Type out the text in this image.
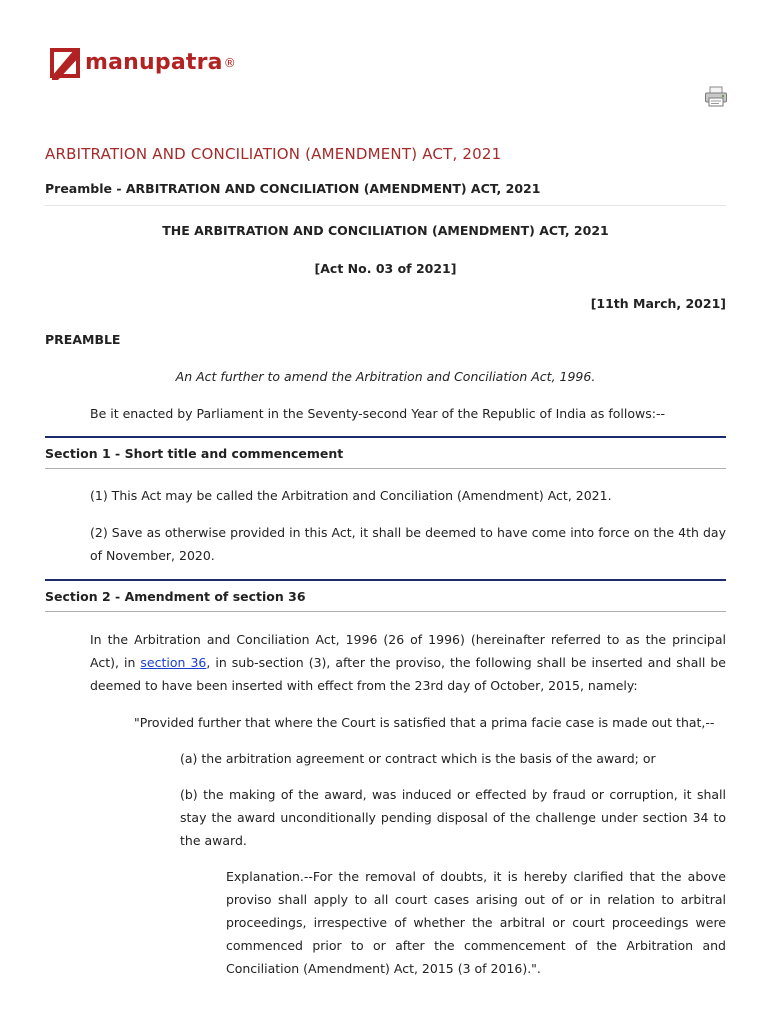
manupatra ®
ARBITRATION AND CONCILIATION (AMENDMENT) ACT, 2021
Preamble - ARBITRATION AND CONCILIATION (AMENDMENT) ACT, 2021
THE ARBITRATION AND CONCILIATION (AMENDMENT) ACT, 2021
[Act No. 03 of 2021]
[11th March, 2021]
PREAMBLE
An Act further to amend the Arbitration and Conciliation Act, 1996.

Be it enacted by Parliament in the Seventy-second Year of the Republic of India as follows:--

Section 1 - Short title and commencement

(1) This Act may be called the Arbitration and Conciliation (Amendment) Act, 2021.

(2) Save as otherwise provided in this Act, it shall be deemed to have come into force on the 4th day of November, 2020.

Section 2 - Amendment of section 36

In the Arbitration and Conciliation Act, 1996 (26 of 1996) (hereinafter referred to as the principal Act), in section 36, in sub-section (3), after the proviso, the following shall be inserted and shall be deemed to have been inserted with effect from the 23rd day of October, 2015, namely:

"Provided further that where the Court is satisfied that a prima facie case is made out that,--

(a) the arbitration agreement or contract which is the basis of the award; or

(b) the making of the award, was induced or effected by fraud or corruption, it shall stay the award unconditionally pending disposal of the challenge under section 34 to the award.

Explanation.--For the removal of doubts, it is hereby clarified that the above proviso shall apply to all court cases arising out of or in relation to arbitral proceedings, irrespective of whether the arbitral or court proceedings were commenced prior to or after the commencement of the Arbitration and Conciliation (Amendment) Act, 2015 (3 of 2016).".
